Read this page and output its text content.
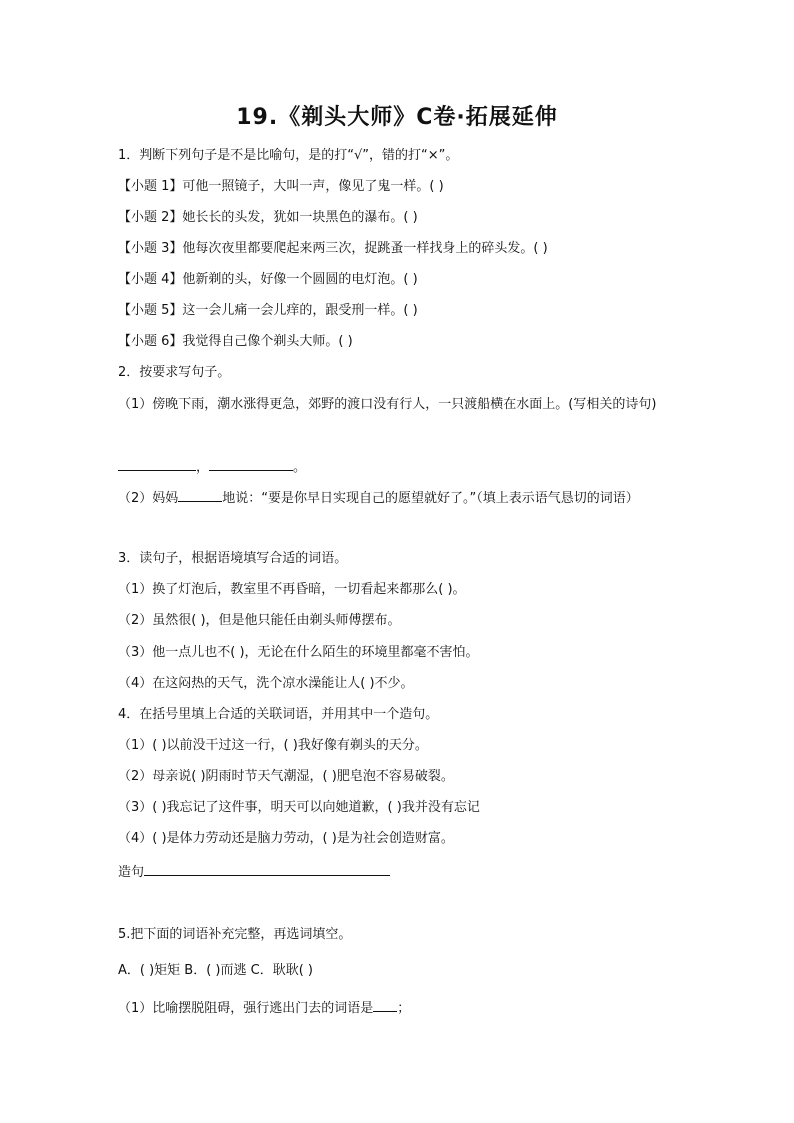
19.《剃头大师》C卷·拓展延伸
1．判断下列句子是不是比喻句，是的打“√”，错的打“×”。
【小题 1】可他一照镜子，大叫一声，像见了鬼一样。( )
【小题 2】她长长的头发，犹如一块黑色的瀑布。( )
【小题 3】他每次夜里都要爬起来两三次，捉跳蚤一样找身上的碎头发。( )
【小题 4】他新剃的头，好像一个圆圆的电灯泡。( )
【小题 5】这一会儿痛一会儿痒的，跟受刑一样。( )
【小题 6】我觉得自己像个剃头大师。( )
2．按要求写句子。
（1）傍晚下雨，潮水涨得更急，郊野的渡口没有行人，一只渡船横在水面上。(写相关的诗句)
，	。
（2）妈妈	地说：“要是你早日实现自己的愿望就好了。”（填上表示语气恳切的词语）
3．读句子，根据语境填写合适的词语。
（1）换了灯泡后，教室里不再昏暗，一切看起来都那么( )。
（2）虽然很( )，但是他只能任由剃头师傅摆布。
（3）他一点儿也不( )，无论在什么陌生的环境里都毫不害怕。
（4）在这闷热的天气，洗个凉水澡能让人( )不少。
4．在括号里填上合适的关联词语，并用其中一个造句。
（1）( )以前没干过这一行，( )我好像有剃头的天分。
（2）母亲说( )阴雨时节天气潮湿，( )肥皂泡不容易破裂。
（3）( )我忘记了这件事，明天可以向她道歉，( )我并没有忘记
（4）( )是体力劳动还是脑力劳动，( )是为社会创造财富。
造句
5.把下面的词语补充完整，再选词填空。
A．( )矩矩 B．( )而逃 C．耿耿( )
（1）比喻摆脱阻碍，强行逃出门去的词语是 ；
